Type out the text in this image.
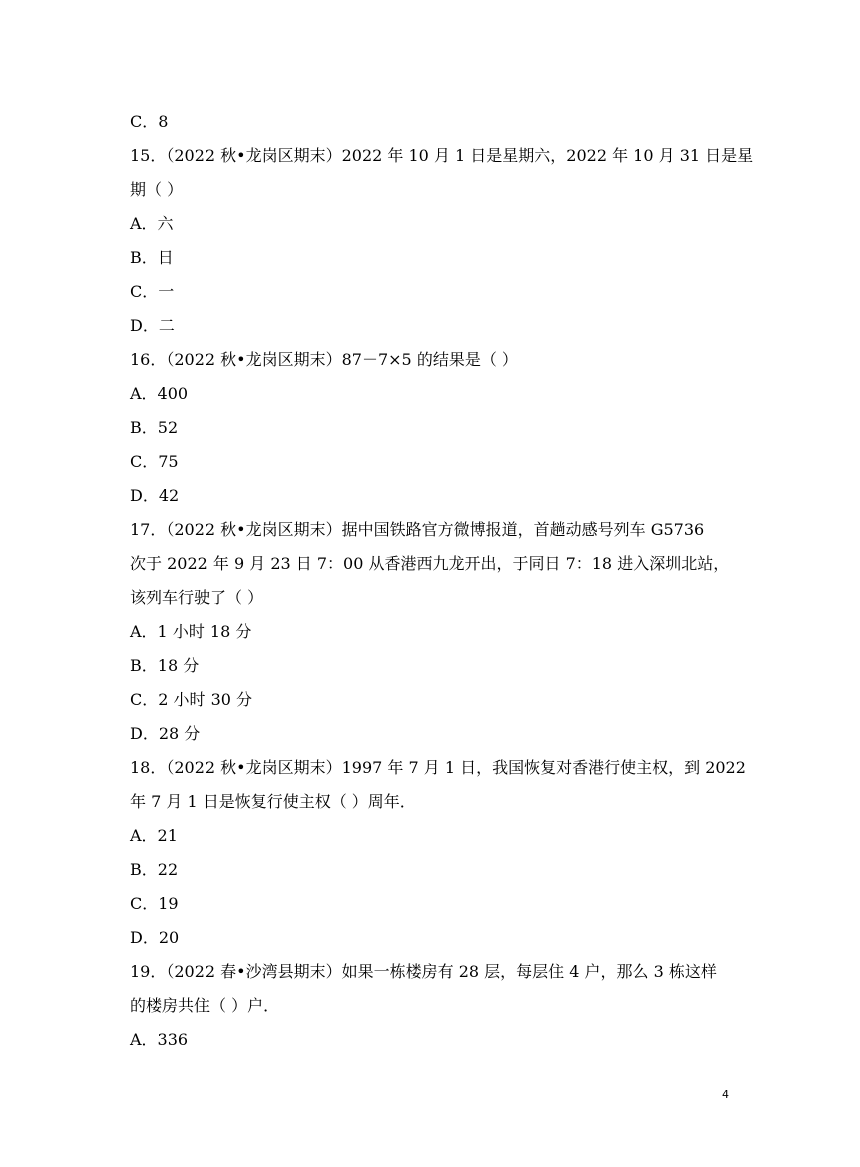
C．8
15．（2022 秋•龙岗区期末）2022 年 10 月 1 日是星期六，2022 年 10 月 31 日是星
期（ ）
A．六
B．日
C．一
D．二
16．（2022 秋•龙岗区期末）87－7×5 的结果是（ ）
A．400
B．52
C．75
D．42
17．（2022 秋•龙岗区期末）据中国铁路官方微博报道，首趟动感号列车 G5736
次于 2022 年 9 月 23 日 7：00 从香港西九龙开出，于同日 7：18 进入深圳北站，
该列车行驶了（ ）
A．1 小时 18 分
B．18 分
C．2 小时 30 分
D．28 分
18．（2022 秋•龙岗区期末）1997 年 7 月 1 日，我国恢复对香港行使主权，到 2022
年 7 月 1 日是恢复行使主权（ ）周年．
A．21
B．22
C．19
D．20
19．（2022 春•沙湾县期末）如果一栋楼房有 28 层，每层住 4 户，那么 3 栋这样
的楼房共住（ ）户．
A．336
4
